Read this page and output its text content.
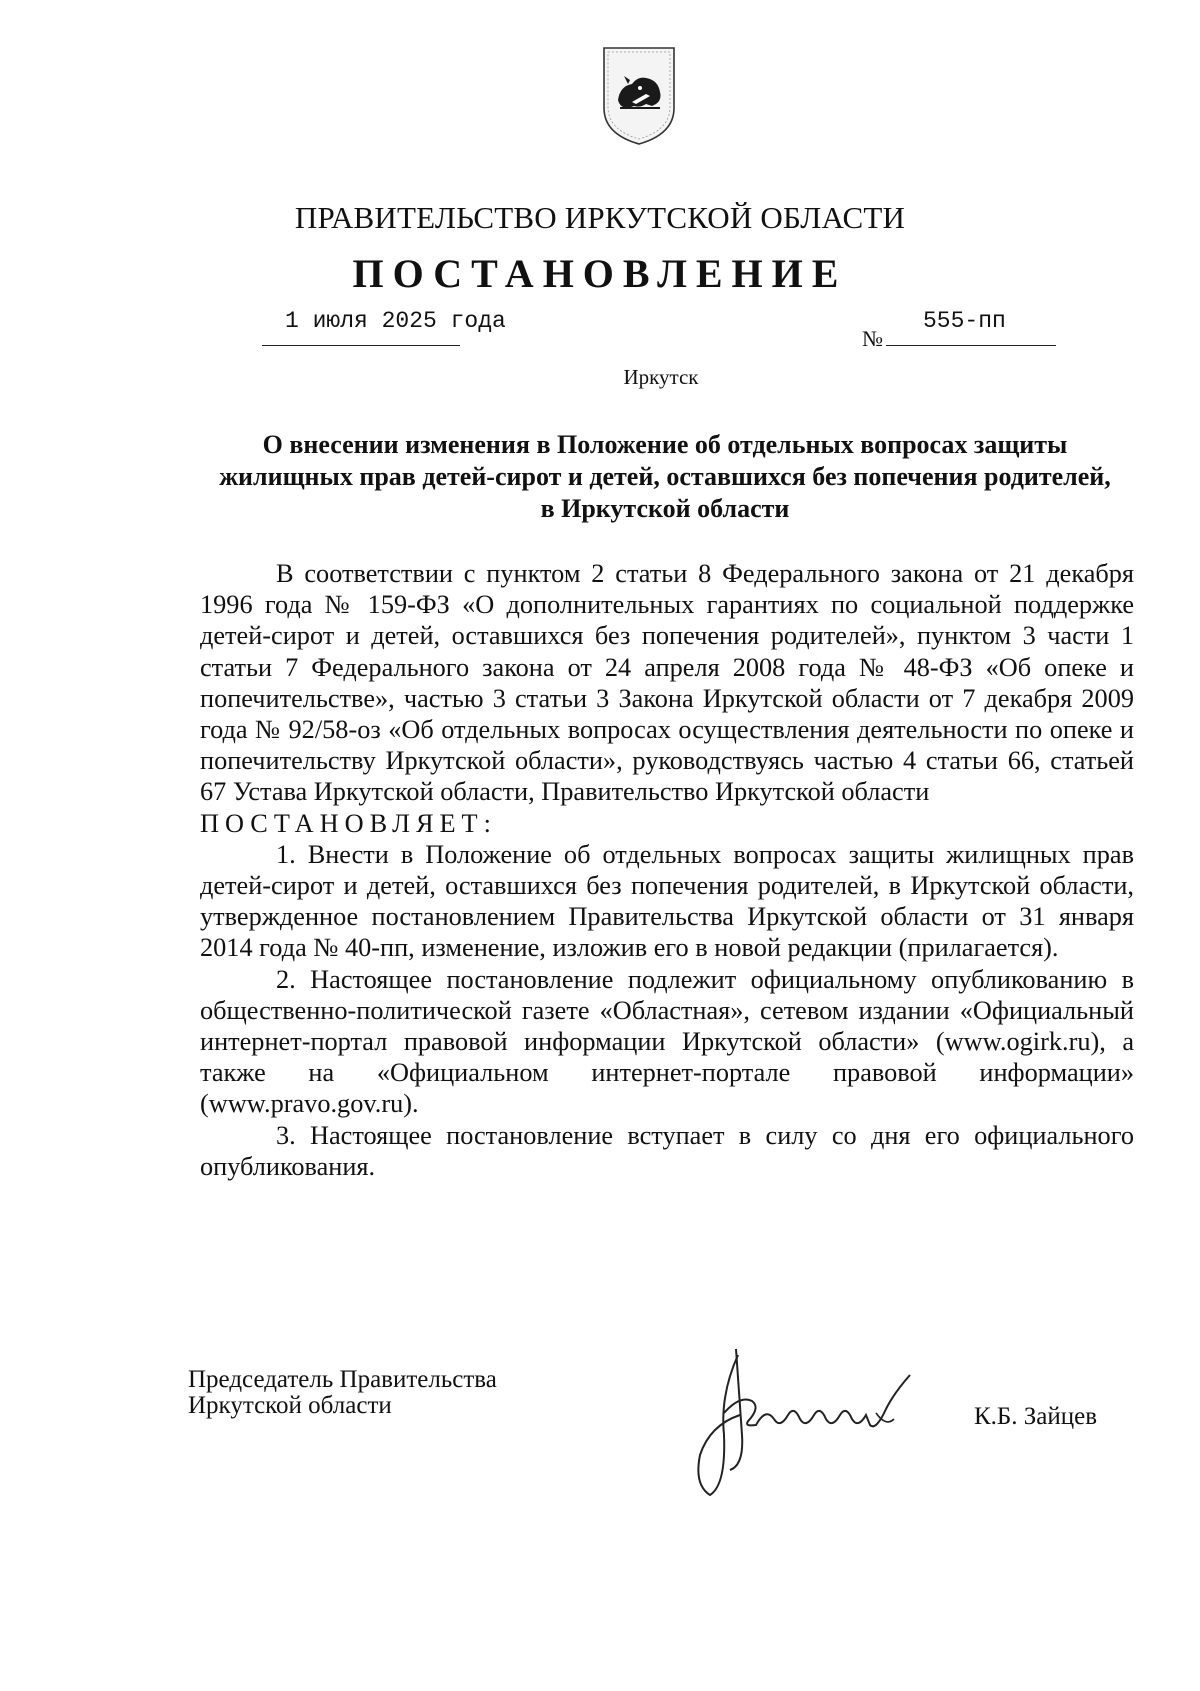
ПРАВИТЕЛЬСТВО ИРКУТСКОЙ ОБЛАСТИ
ПОСТАНОВЛЕНИЕ
1 июля 2025 года
№
555-пп
Иркутск
О внесении изменения в Положение об отдельных вопросах защиты жилищных прав детей-сирот и детей, оставшихся без попечения родителей, в Иркутской области

В соответствии с пунктом 2 статьи 8 Федерального закона от 21 декабря 1996 года № 159-ФЗ «О дополнительных гарантиях по социальной поддержке детей-сирот и детей, оставшихся без попечения родителей», пунктом 3 части 1 статьи 7 Федерального закона от 24 апреля 2008 года № 48-ФЗ «Об опеке и попечительстве», частью 3 статьи 3 Закона Иркутской области от 7 декабря 2009 года № 92/58-оз «Об отдельных вопросах осуществления деятельности по опеке и попечительству Иркутской области», руководствуясь частью 4 статьи 66, статьей 67 Устава Иркутской области, Правительство Иркутской области

ПОСТАНОВЛЯЕТ:

1. Внести в Положение об отдельных вопросах защиты жилищных прав детей-сирот и детей, оставшихся без попечения родителей, в Иркутской области, утвержденное постановлением Правительства Иркутской области от 31 января 2014 года № 40-пп, изменение, изложив его в новой редакции (прилагается).

2. Настоящее постановление подлежит официальному опубликованию в общественно-политической газете «Областная», сетевом издании «Официальный интернет-портал правовой информации Иркутской области» (www.ogirk.ru), а также на «Официальном интернет-портале правовой информации» (www.pravo.gov.ru).

3. Настоящее постановление вступает в силу со дня его официального опубликования.

Председатель Правительства
Иркутской области	К.Б. Зайцев
